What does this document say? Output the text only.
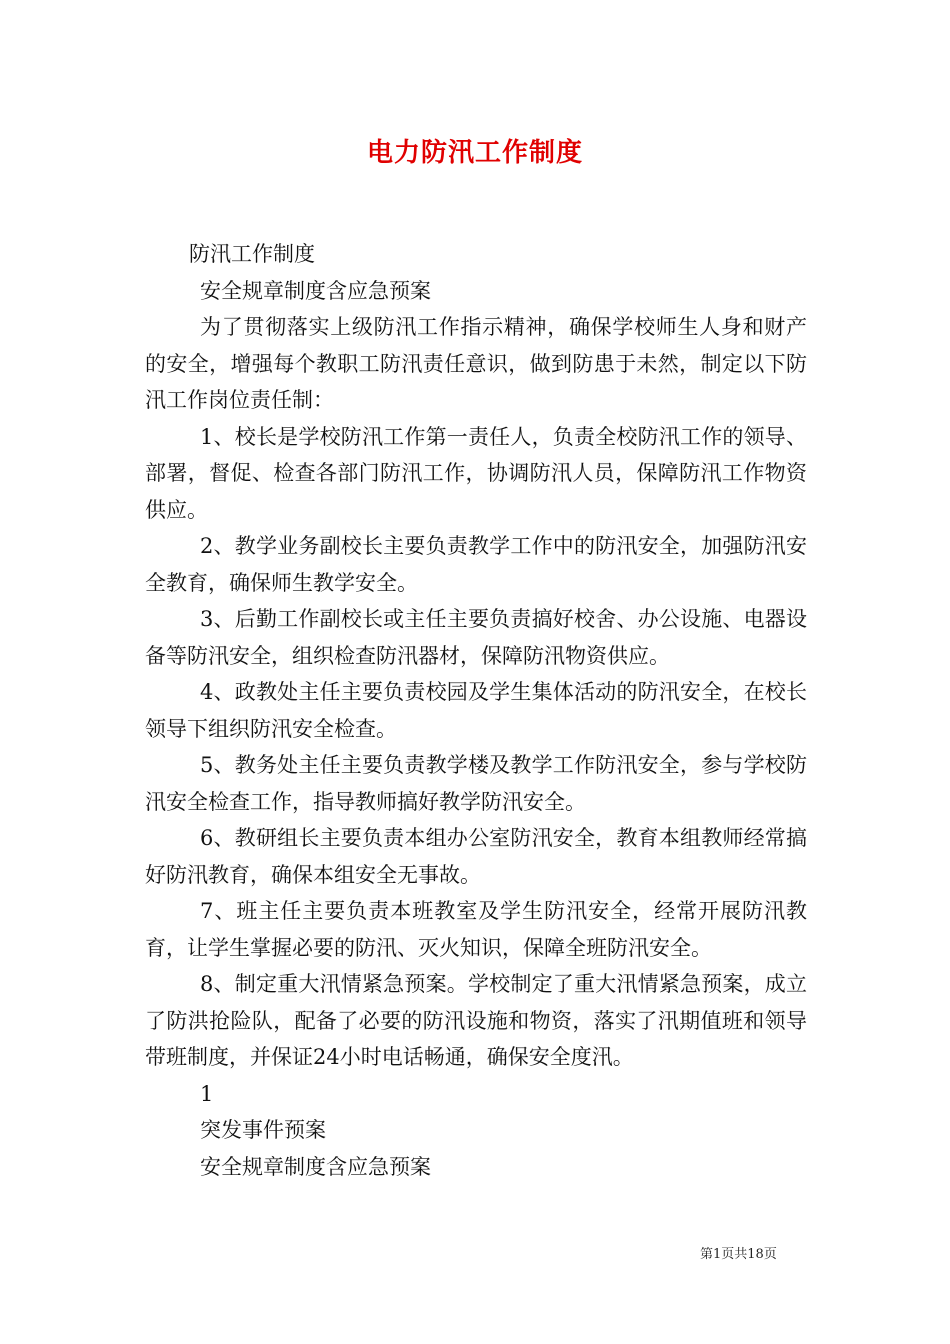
电力防汛工作制度
防汛工作制度
安全规章制度含应急预案

为了贯彻落实上级防汛工作指示精神，确保学校师生人身和财产的安全，增强每个教职工防汛责任意识，做到防患于未然，制定以下防汛工作岗位责任制：

1、校长是学校防汛工作第一责任人，负责全校防汛工作的领导、部署，督促、检查各部门防汛工作，协调防汛人员，保障防汛工作物资供应。

2、教学业务副校长主要负责教学工作中的防汛安全，加强防汛安全教育，确保师生教学安全。

3、后勤工作副校长或主任主要负责搞好校舍、办公设施、电器设备等防汛安全，组织检查防汛器材，保障防汛物资供应。

4、政教处主任主要负责校园及学生集体活动的防汛安全，在校长领导下组织防汛安全检查。

5、教务处主任主要负责教学楼及教学工作防汛安全，参与学校防汛安全检查工作，指导教师搞好教学防汛安全。

6、教研组长主要负责本组办公室防汛安全，教育本组教师经常搞好防汛教育，确保本组安全无事故。

7、班主任主要负责本班教室及学生防汛安全，经常开展防汛教育，让学生掌握必要的防汛、灭火知识，保障全班防汛安全。

8、制定重大汛情紧急预案。学校制定了重大汛情紧急预案，成立了防洪抢险队，配备了必要的防汛设施和物资，落实了汛期值班和领导带班制度，并保证24小时电话畅通，确保安全度汛。

1
突发事件预案
安全规章制度含应急预案
第1页共18页
